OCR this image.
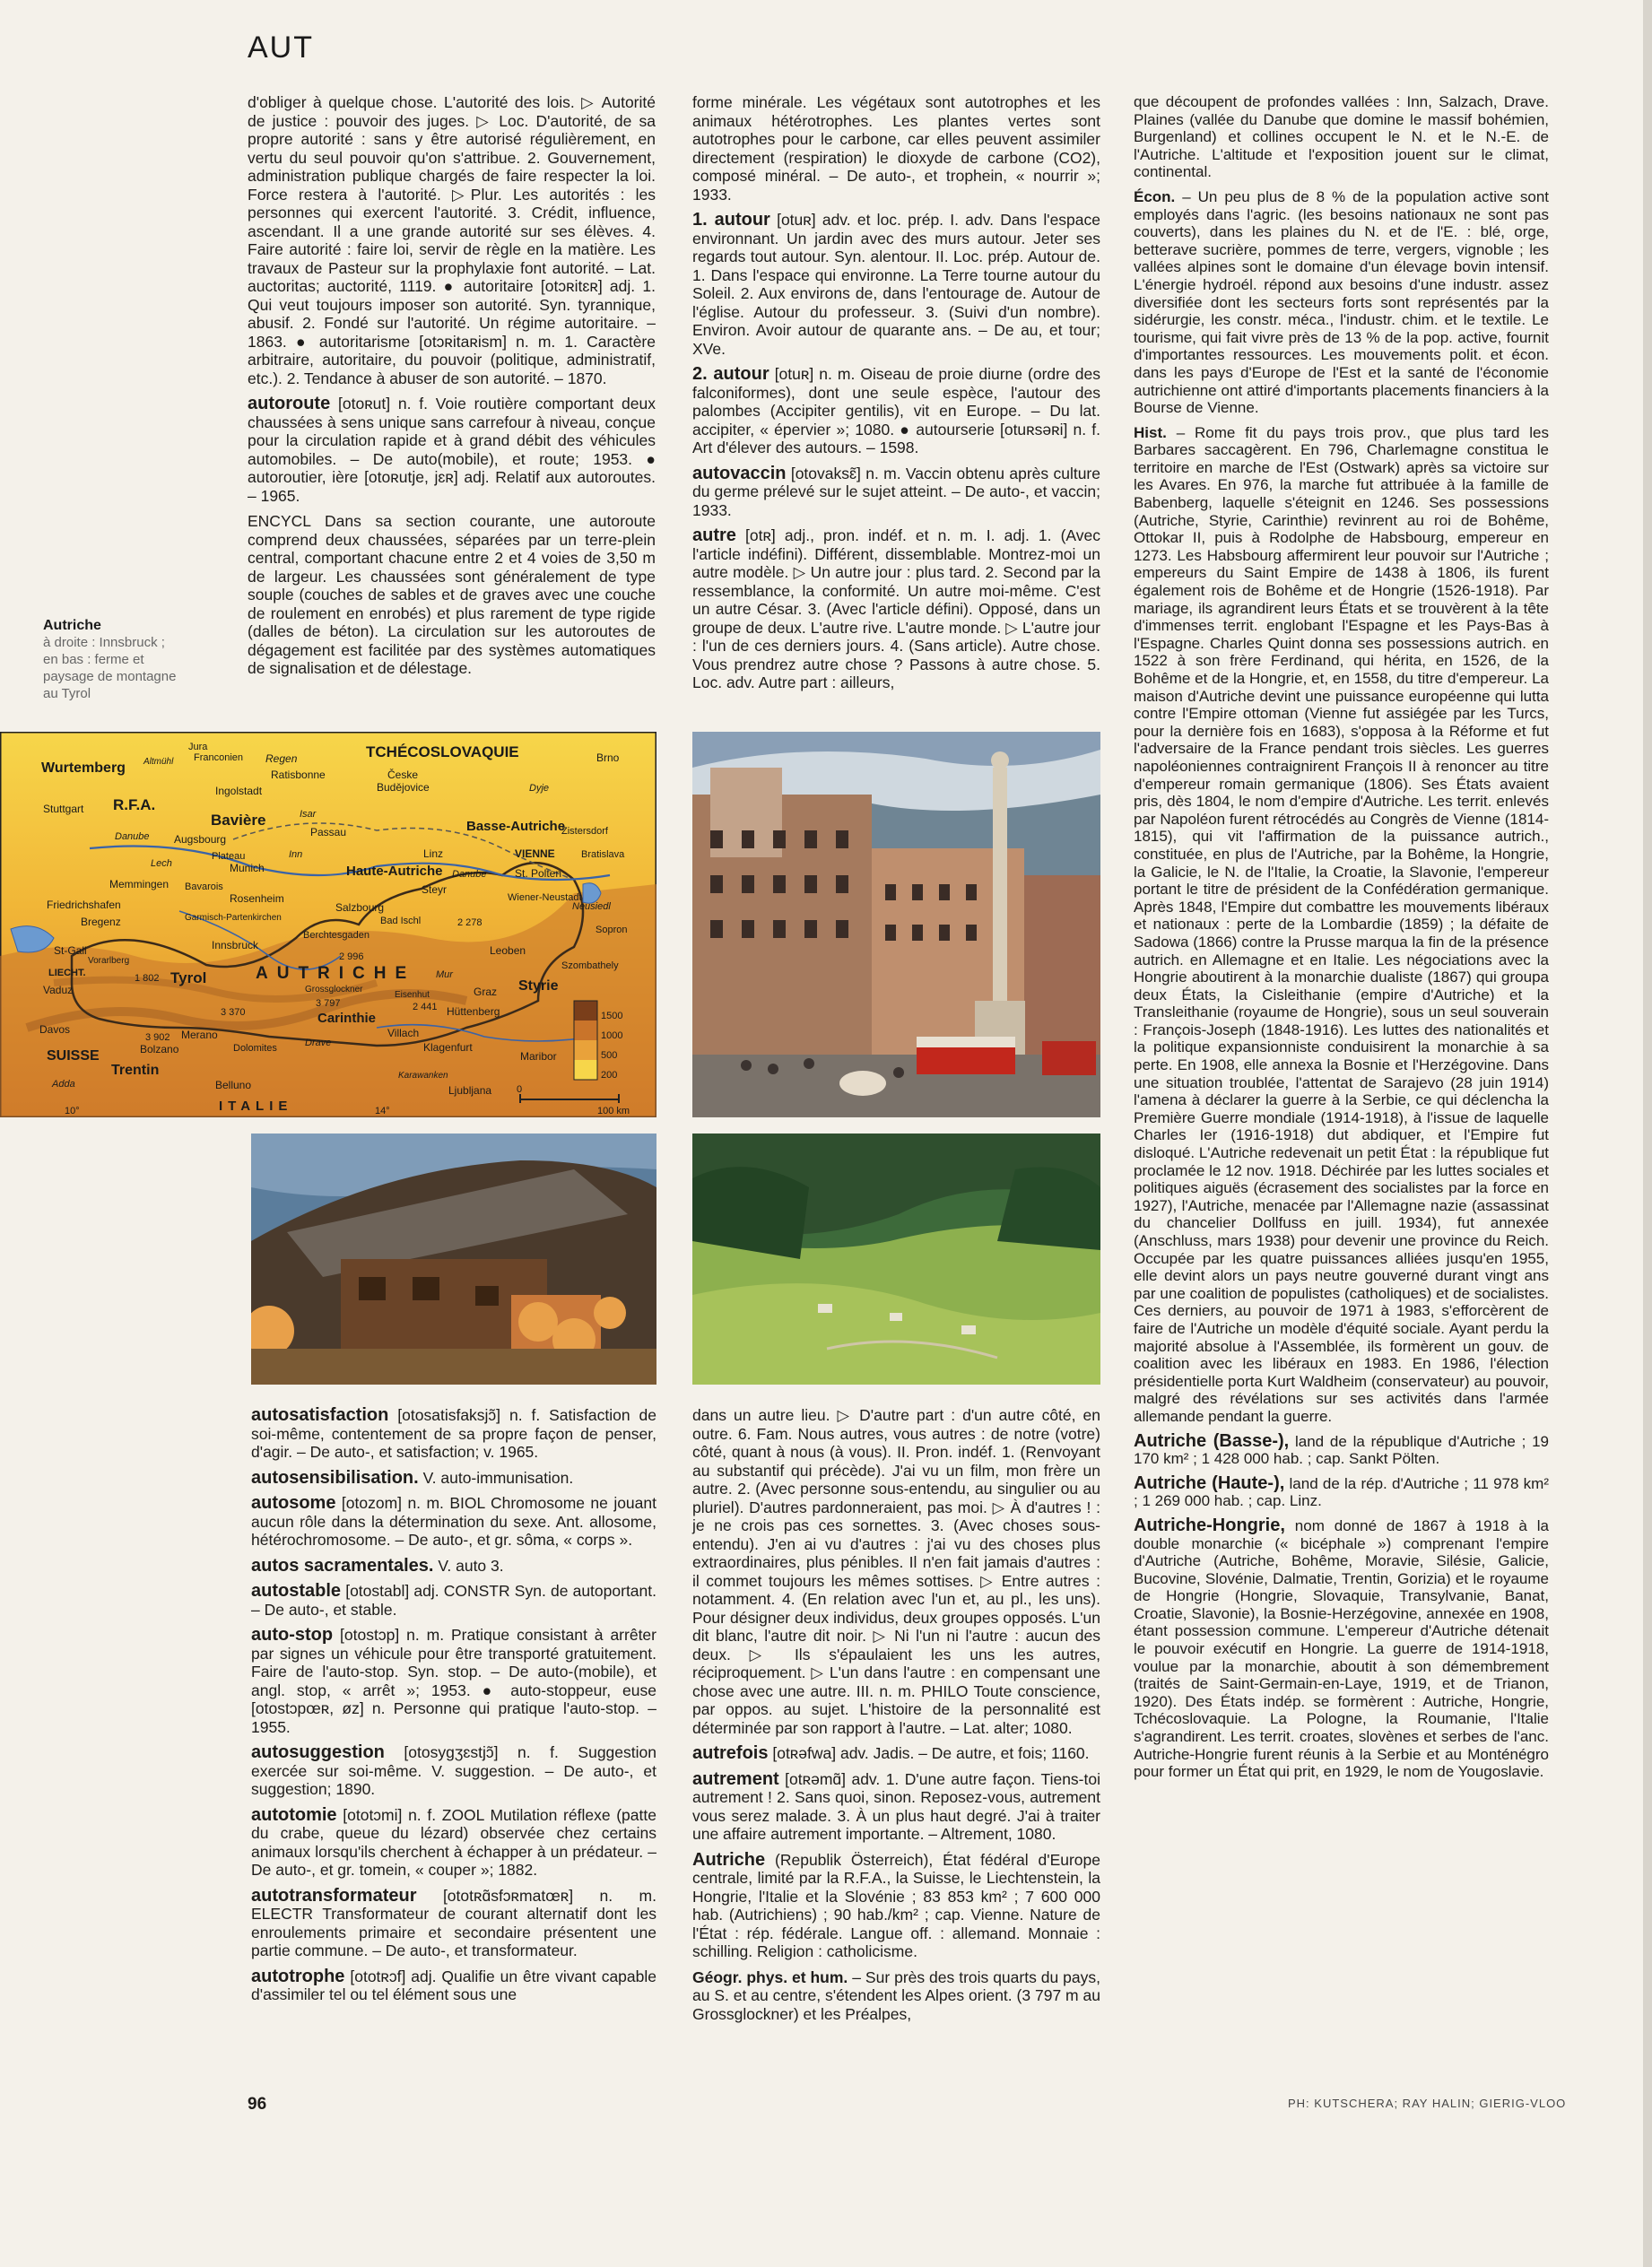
AUT

d'obliger à quelque chose. L'autorité des lois. ▷ Autorité de justice : pouvoir des juges. ▷ Loc. D'autorité, de sa propre autorité : sans y être autorisé régulièrement, en vertu du seul pouvoir qu'on s'attribue. 2. Gouvernement, administration publique chargés de faire respecter la loi. Force restera à l'autorité. ▷Plur. Les autorités : les personnes qui exercent l'autorité. 3. Crédit, influence, ascendant. Il a une grande autorité sur ses élèves. 4. Faire autorité : faire loi, servir de règle en la matière. Les travaux de Pasteur sur la prophylaxie font autorité. – Lat. auctoritas; auctorité, 1119. ● autoritaire [otɔʀitɛʀ] adj. 1. Qui veut toujours imposer son autorité. Syn. tyrannique, abusif. 2. Fondé sur l'autorité. Un régime autoritaire. – 1863. ● autoritarisme [otɔʀitaʀism] n. m. 1. Caractère arbitraire, autoritaire, du pouvoir (politique, administratif, etc.). 2. Tendance à abuser de son autorité. – 1870.

autoroute [otoʀut] n. f. Voie routière comportant deux chaussées à sens unique sans carrefour à niveau, conçue pour la circulation rapide et à grand débit des véhicules automobiles. – De auto(mobile), et route; 1953. ● autoroutier, ière [otoʀutje, jɛʀ] adj. Relatif aux autoroutes. – 1965.

ENCYCL Dans sa section courante, une autoroute comprend deux chaussées, séparées par un terre-plein central, comportant chacune entre 2 et 4 voies de 3,50 m de largeur. Les chaussées sont généralement de type souple (couches de sables et de graves avec une couche de roulement en enrobés) et plus rarement de type rigide (dalles de béton). La circulation sur les autoroutes de dégagement est facilitée par des systèmes automatiques de signalisation et de délestage.

Autriche
à droite : Innsbruck ;
en bas : ferme et
paysage de montagne
au Tyrol

forme minérale. Les végétaux sont autotrophes et les animaux hétérotrophes. Les plantes vertes sont autotrophes pour le carbone, car elles peuvent assimiler directement (respiration) le dioxyde de carbone (CO2), composé minéral. – De auto-, et trophein, « nourrir »; 1933.

1. autour [otuʀ] adv. et loc. prép. I. adv. Dans l'espace environnant. Un jardin avec des murs autour. Jeter ses regards tout autour. Syn. alentour. II. Loc. prép. Autour de. 1. Dans l'espace qui environne. La Terre tourne autour du Soleil. 2. Aux environs de, dans l'entourage de. Autour de l'église. Autour du professeur. 3. (Suivi d'un nombre). Environ. Avoir autour de quarante ans. – De au, et tour; XVe.

2. autour [otuʀ] n. m. Oiseau de proie diurne (ordre des falconiformes), dont une seule espèce, l'autour des palombes (Accipiter gentilis), vit en Europe. – Du lat. accipiter, « épervier »; 1080. ● autourserie [otuʀsəʀi] n. f. Art d'élever des autours. – 1598.

autovaccin [otovaksɛ̃] n. m. Vaccin obtenu après culture du germe prélevé sur le sujet atteint. – De auto-, et vaccin; 1933.

autre [otʀ] adj., pron. indéf. et n. m. I. adj. 1. (Avec l'article indéfini). Différent, dissemblable. Montrez-moi un autre modèle. ▷ Un autre jour : plus tard. 2. Second par la ressemblance, la conformité. Un autre moi-même. C'est un autre César. 3. (Avec l'article défini). Opposé, dans un groupe de deux. L'autre rive. L'autre monde. ▷ L'autre jour : l'un de ces derniers jours. 4. (Sans article). Autre chose. Vous prendrez autre chose ? Passons à autre chose. 5. Loc. adv. Autre part : ailleurs,

que découpent de profondes vallées : Inn, Salzach, Drave. Plaines (vallée du Danube que domine le massif bohémien, Burgenland) et collines occupent le N. et le N.-E. de l'Autriche. L'altitude et l'exposition jouent sur le climat, continental.

Écon. – Un peu plus de 8 % de la population active sont employés dans l'agric. (les besoins nationaux ne sont pas couverts), dans les plaines du N. et de l'E. : blé, orge, betterave sucrière, pommes de terre, vergers, vignoble ; les vallées alpines sont le domaine d'un élevage bovin intensif. L'énergie hydroél. répond aux besoins d'une industr. assez diversifiée dont les secteurs forts sont représentés par la sidérurgie, les constr. méca., l'industr. chim. et le textile. Le tourisme, qui fait vivre près de 13 % de la pop. active, fournit d'importantes ressources. Les mouvements polit. et écon. dans les pays d'Europe de l'Est et la santé de l'économie autrichienne ont attiré d'importants placements financiers à la Bourse de Vienne.

Hist. – Rome fit du pays trois prov., que plus tard les Barbares saccagèrent. En 796, Charlemagne constitua le territoire en marche de l'Est (Ostwark) après sa victoire sur les Avares. En 976, la marche fut attribuée à la famille de Babenberg, laquelle s'éteignit en 1246. Ses possessions (Autriche, Styrie, Carinthie) revinrent au roi de Bohême, Ottokar II, puis à Rodolphe de Habsbourg, empereur en 1273. Les Habsbourg affermirent leur pouvoir sur l'Autriche ; empereurs du Saint Empire de 1438 à 1806, ils furent également rois de Bohême et de Hongrie (1526-1918). Par mariage, ils agrandirent leurs États et se trouvèrent à la tête d'immenses territ. englobant l'Espagne et les Pays-Bas à l'Espagne. Charles Quint donna ses possessions autrich. en 1522 à son frère Ferdinand, qui hérita, en 1526, de la Bohême et de la Hongrie, et, en 1558, du titre d'empereur. La maison d'Autriche devint une puissance européenne qui lutta contre l'Empire ottoman (Vienne fut assiégée par les Turcs, pour la dernière fois en 1683), s'opposa à la Réforme et fut l'adversaire de la France pendant trois siècles. Les guerres napoléoniennes contraignirent François II à renoncer au titre d'empereur romain germanique (1806). Ses États avaient pris, dès 1804, le nom d'empire d'Autriche. Les territ. enlevés par Napoléon furent rétrocédés au Congrès de Vienne (1814-1815), qui vit l'affirmation de la puissance autrich., constituée, en plus de l'Autriche, par la Bohême, la Hongrie, la Galicie, le N. de l'Italie, la Croatie, la Slavonie, l'empereur portant le titre de président de la Confédération germanique. Après 1848, l'Empire dut combattre les mouvements libéraux et nationaux : perte de la Lombardie (1859) ; la défaite de Sadowa (1866) contre la Prusse marqua la fin de la présence autrich. en Allemagne et en Italie. Les négociations avec la Hongrie aboutirent à la monarchie dualiste (1867) qui groupa deux États, la Cisleithanie (empire d'Autriche) et la Transleithanie (royaume de Hongrie), sous un seul souverain : François-Joseph (1848-1916). Les luttes des nationalités et la politique expansionniste conduisirent la monarchie à sa perte. En 1908, elle annexa la Bosnie et l'Herzégovine. Dans une situation troublée, l'attentat de Sarajevo (28 juin 1914) l'amena à déclarer la guerre à la Serbie, ce qui déclencha la Première Guerre mondiale (1914-1918), à l'issue de laquelle Charles Ier (1916-1918) dut abdiquer, et l'Empire fut disloqué. L'Autriche redevenait un petit État : la république fut proclamée le 12 nov. 1918. Déchirée par les luttes sociales et politiques aiguës (écrasement des socialistes par la force en 1927), l'Autriche, menacée par l'Allemagne nazie (assassinat du chancelier Dollfuss en juill. 1934), fut annexée (Anschluss, mars 1938) pour devenir une province du Reich. Occupée par les quatre puissances alliées jusqu'en 1955, elle devint alors un pays neutre gouverné durant vingt ans par une coalition de populistes (catholiques) et de socialistes. Ces derniers, au pouvoir de 1971 à 1983, s'efforcèrent de faire de l'Autriche un modèle d'équité sociale. Ayant perdu la majorité absolue à l'Assemblée, ils formèrent un gouv. de coalition avec les libéraux en 1983. En 1986, l'élection présidentielle porta Kurt Waldheim (conservateur) au pouvoir, malgré des révélations sur ses activités dans l'armée allemande pendant la guerre.

Autriche (Basse-), land de la république d'Autriche ; 19 170 km² ; 1 428 000 hab. ; cap. Sankt Pölten.

Autriche (Haute-), land de la rép. d'Autriche ; 11 978 km² ; 1 269 000 hab. ; cap. Linz.

Autriche-Hongrie, nom donné de 1867 à 1918 à la double monarchie (« bicéphale ») comprenant l'empire d'Autriche (Autriche, Bohême, Moravie, Silésie, Galicie, Bucovine, Slovénie, Dalmatie, Trentin, Gorizia) et le royaume de Hongrie (Hongrie, Slovaquie, Transylvanie, Banat, Croatie, Slavonie), la Bosnie-Herzégovine, annexée en 1908, étant possession commune. L'empereur d'Autriche détenait le pouvoir exécutif en Hongrie. La guerre de 1914-1918, voulue par la monarchie, aboutit à son démembrement (traités de Saint-Germain-en-Laye, 1919, et de Trianon, 1920). Des États indép. se formèrent : Autriche, Hongrie, Tchécoslovaquie. La Pologne, la Roumanie, l'Italie s'agrandirent. Les territ. croates, slovènes et serbes de l'anc. Autriche-Hongrie furent réunis à la Serbie et au Monténégro pour former un État qui prit, en 1929, le nom de Yougoslavie.

TCHÉCOSLOVAQUIE
Wurtemberg
Stuttgart R.F.A.
Bavière
Jura
Franconien Regen
Ratisbonne
Ingolstadt
Česke
Budějovice
Brno
Basse-Autriche
Zistersdorf
VIENNE	Bratislava
Passau
Augsbourg
Plateau
Munich
Linz
Haute-Autriche	St. Polten
Steyr
Wiener-Neustadt
Memmingen Bavarois
Rosenheim
Salzbourg
Bad Ischl
Friedrichshafen
Bregenz	Garmisch-Partenkirchen
Berchtesgaden
Innsbruck
Sopron
Neusiedl
St-Gall
Vorarlberg
LIECHT.
Vaduz
Tyrol	AUTRICHE
Leoben
Styrie
Graz
Szombathely
Carinthie
Villach
Klagenfurt
Hüttenberg
Maribor
Davos
SUISSE
Merano
Bolzano
Trentin
Dolomites
Belluno
ITALIE
Ljubljana
Adda
Danube
Danube
Inn
Isar
Lech
Drave
Mur
Dyje
Karawanken
Altmühl
Grossglockner
Eisenhut
2 278
2 996
3 797
3 902
2 441
3 370
1 802
10°	14°
1500
1000
500
200
0
100 km

autosatisfaction [otosatisfaksjɔ̃] n. f. Satisfaction de soi-même, contentement de sa propre façon de penser, d'agir. – De auto-, et satisfaction; v. 1965.

autosensibilisation. V. auto-immunisation.

autosome [otozom] n. m. BIOL Chromosome ne jouant aucun rôle dans la détermination du sexe. Ant. allosome, hétérochromosome. – De auto-, et gr. sôma, « corps ».

autos sacramentales. V. auto 3.

autostable [otostabl] adj. CONSTR Syn. de autoportant. – De auto-, et stable.

auto-stop [otostɔp] n. m. Pratique consistant à arrêter par signes un véhicule pour être transporté gratuitement. Faire de l'auto-stop. Syn. stop. – De auto-(mobile), et angl. stop, « arrêt »; 1953. ● auto-stoppeur, euse [otostɔpœʀ, øz] n. Personne qui pratique l'auto-stop. – 1955.

autosuggestion [otosygʒɛstjɔ̃] n. f. Suggestion exercée sur soi-même. V. suggestion. – De auto-, et suggestion; 1890.

autotomie [ototɔmi] n. f. ZOOL Mutilation réflexe (patte du crabe, queue du lézard) observée chez certains animaux lorsqu'ils cherchent à échapper à un prédateur. – De auto-, et gr. tomein, « couper »; 1882.

autotransformateur [ototʀɑ̃sfɔʀmatœʀ] n. m. ELECTR Transformateur de courant alternatif dont les enroulements primaire et secondaire présentent une partie commune. – De auto-, et transformateur.

autotrophe [ototʀɔf] adj. Qualifie un être vivant capable d'assimiler tel ou tel élément sous une

dans un autre lieu. ▷ D'autre part : d'un autre côté, en outre. 6. Fam. Nous autres, vous autres : de notre (votre) côté, quant à nous (à vous). II. Pron. indéf. 1. (Renvoyant au substantif qui précède). J'ai vu un film, mon frère un autre. 2. (Avec personne sous-entendu, au singulier ou au pluriel). D'autres pardonneraient, pas moi. ▷ À d'autres ! : je ne crois pas ces sornettes. 3. (Avec choses sous-entendu). J'en ai vu d'autres : j'ai vu des choses plus extraordinaires, plus pénibles. Il n'en fait jamais d'autres : il commet toujours les mêmes sottises. ▷ Entre autres : notamment. 4. (En relation avec l'un et, au pl., les uns). Pour désigner deux individus, deux groupes opposés. L'un dit blanc, l'autre dit noir. ▷ Ni l'un ni l'autre : aucun des deux. ▷ Ils s'épaulaient les uns les autres, réciproquement. ▷ L'un dans l'autre : en compensant une chose avec une autre. III. n. m. PHILO Toute conscience, par oppos. au sujet. L'histoire de la personnalité est déterminée par son rapport à l'autre. – Lat. alter; 1080.

autrefois [otʀəfwa] adv. Jadis. – De autre, et fois; 1160.

autrement [otʀəmɑ̃] adv. 1. D'une autre façon. Tiens-toi autrement ! 2. Sans quoi, sinon. Reposez-vous, autrement vous serez malade. 3. À un plus haut degré. J'ai à traiter une affaire autrement importante. – Altrement, 1080.

Autriche (Republik Österreich), État fédéral d'Europe centrale, limité par la R.F.A., la Suisse, le Liechtenstein, la Hongrie, l'Italie et la Slovénie ; 83 853 km² ; 7 600 000 hab. (Autrichiens) ; 90 hab./km² ; cap. Vienne. Nature de l'État : rép. fédérale. Langue off. : allemand. Monnaie : schilling. Religion : catholicisme.

Géogr. phys. et hum. – Sur près des trois quarts du pays, au S. et au centre, s'étendent les Alpes orient. (3 797 m au Grossglockner) et les Préalpes,

96	PH: KUTSCHERA; RAY HALIN; GIERIG-VLOO
